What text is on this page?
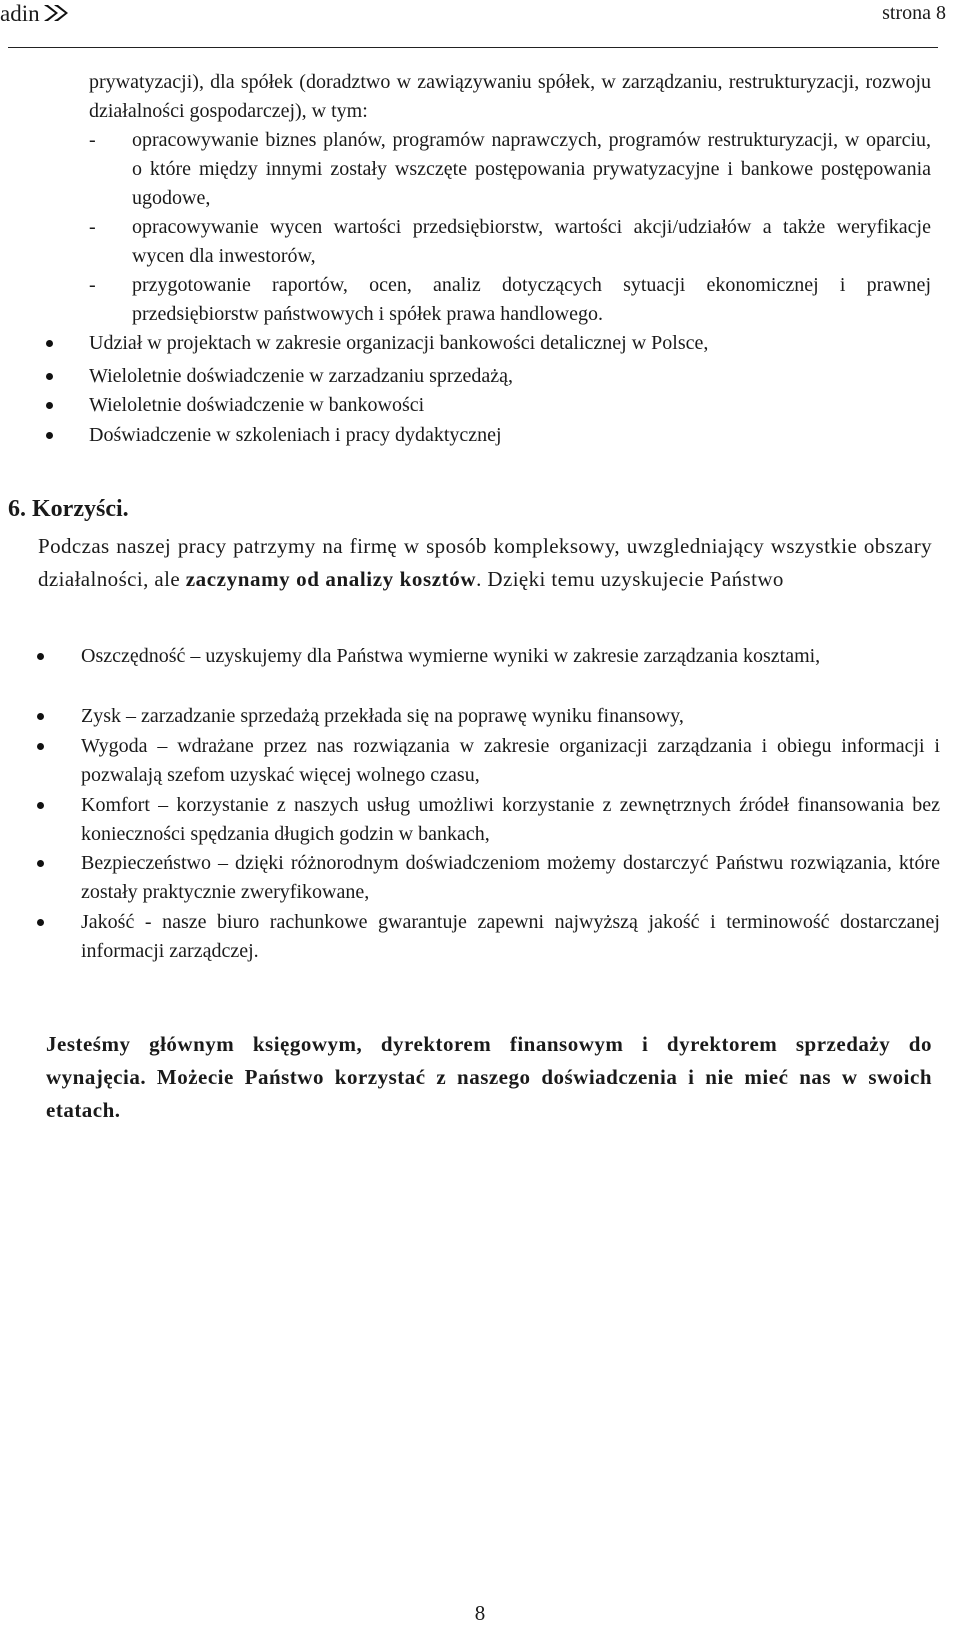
adin	strona 8

prywatyzacji), dla spółek (doradztwo w zawiązywaniu spółek, w zarządzaniu, restrukturyzacji, rozwoju działalności gospodarczej), w tym:

- opracowywanie biznes planów, programów naprawczych, programów restrukturyzacji, w oparciu, o które między innymi zostały wszczęte postępowania prywatyzacyjne i bankowe postępowania ugodowe,
- opracowywanie wycen wartości przedsiębiorstw, wartości akcji/udziałów a także weryfikacje wycen dla inwestorów,
- przygotowanie raportów, ocen, analiz dotyczących sytuacji ekonomicznej i prawnej przedsiębiorstw państwowych i spółek prawa handlowego.
Udział w projektach w zakresie organizacji bankowości detalicznej w Polsce,
Wieloletnie doświadczenie w zarzadzaniu sprzedażą,
Wieloletnie doświadczenie w bankowości
Doświadczenie w szkoleniach i pracy dydaktycznej
6. Korzyści.

Podczas naszej pracy patrzymy na firmę w sposób kompleksowy, uwzgledniający wszystkie obszary działalności, ale zaczynamy od analizy kosztów. Dzięki temu uzyskujecie Państwo

Oszczędność – uzyskujemy dla Państwa wymierne wyniki w zakresie zarządzania kosztami,
Zysk – zarzadzanie sprzedażą przekłada się na poprawę wyniku finansowy,
Wygoda – wdrażane przez nas rozwiązania w zakresie organizacji zarządzania i obiegu informacji i pozwalają szefom uzyskać więcej wolnego czasu,
Komfort – korzystanie z naszych usług umożliwi korzystanie z zewnętrznych źródeł finansowania bez konieczności spędzania długich godzin w bankach,
Bezpieczeństwo – dzięki różnorodnym doświadczeniom możemy dostarczyć Państwu rozwiązania, które zostały praktycznie zweryfikowane,
Jakość - nasze biuro rachunkowe gwarantuje zapewni najwyższą jakość i terminowość dostarczanej informacji zarządczej.

Jesteśmy głównym księgowym, dyrektorem finansowym i dyrektorem sprzedaży do wynajęcia. Możecie Państwo korzystać z naszego doświadczenia i nie mieć nas w swoich etatach.

8
